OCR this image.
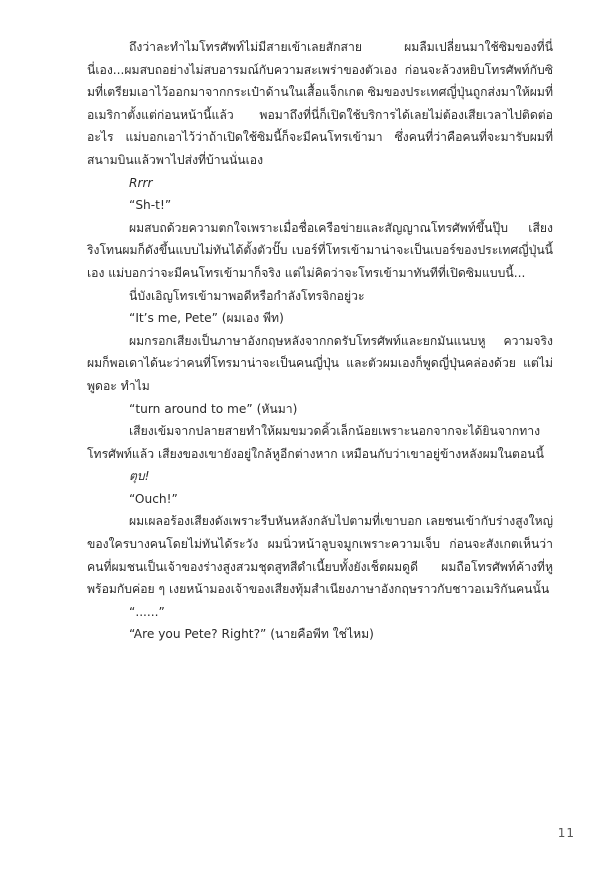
ถึงว่าละทำไมโทรศัพท์ไม่มีสายเข้าเลยสักสาย ผมลืมเปลี่ยนมาใช้ซิมของที่นี่นี่เอง...ผมสบถอย่างไม่สบอารมณ์กับความสะเพร่าของตัวเอง ก่อนจะล้วงหยิบโทรศัพท์กับซิมที่เตรียมเอาไว้ออกมาจากกระเป๋าด้านในเสื้อแจ็กเกต ซิมของประเทศญี่ปุ่นถูกส่งมาให้ผมที่อเมริกาตั้งแต่ก่อนหน้านี้แล้ว พอมาถึงที่นี่ก็เปิดใช้บริการได้เลยไม่ต้องเสียเวลาไปติดต่ออะไร แม่บอกเอาไว้ว่าถ้าเปิดใช้ซิมนี้ก็จะมีคนโทรเข้ามา ซึ่งคนที่ว่าคือคนที่จะมารับผมที่สนามบินแล้วพาไปส่งที่บ้านนั่นเอง

Rrrr

“Sh-t!”

ผมสบถด้วยความตกใจเพราะเมื่อชื่อเครือข่ายและสัญญาณโทรศัพท์ขึ้นปุ๊บ เสียงริงโทนผมก็ดังขึ้นแบบไม่ทันได้ตั้งตัวปั๊บ เบอร์ที่โทรเข้ามาน่าจะเป็นเบอร์ของประเทศญี่ปุ่นนี้เอง แม่บอกว่าจะมีคนโทรเข้ามาก็จริง แต่ไม่คิดว่าจะโทรเข้ามาทันทีที่เปิดซิมแบบนี้...

นี่บังเอิญโทรเข้ามาพอดีหรือกำลังโทรจิกอยู่วะ

“It’s me, Pete” (ผมเอง พีท)

ผมกรอกเสียงเป็นภาษาอังกฤษหลังจากกดรับโทรศัพท์และยกมันแนบหู ความจริงผมก็พอเดาได้นะว่าคนที่โทรมาน่าจะเป็นคนญี่ปุ่น และตัวผมเองก็พูดญี่ปุ่นคล่องด้วย แต่ไม่พูดอะ ทำไม

“turn around to me” (หันมา)

เสียงเข้มจากปลายสายทำให้ผมขมวดคิ้วเล็กน้อยเพราะนอกจากจะได้ยินจากทางโทรศัพท์แล้ว เสียงของเขายังอยู่ใกล้หูอีกต่างหาก เหมือนกับว่าเขาอยู่ข้างหลังผมในตอนนี้

ตุบ!

“Ouch!”

ผมเผลอร้องเสียงดังเพราะรีบหันหลังกลับไปตามที่เขาบอก เลยชนเข้ากับร่างสูงใหญ่ของใครบางคนโดยไม่ทันได้ระวัง ผมนิ่วหน้าลูบจมูกเพราะความเจ็บ ก่อนจะสังเกตเห็นว่าคนที่ผมชนเป็นเจ้าของร่างสูงสวมชุดสูทสีดำเนี้ยบทั้งยังเช็ตผมดูดี ผมถือโทรศัพท์ค้างที่หูพร้อมกับค่อย ๆ เงยหน้ามองเจ้าของเสียงทุ้มสำเนียงภาษาอังกฤษราวกับชาวอเมริกันคนนั้น

“......”

“Are you Pete? Right?” (นายคือพีท ใช่ไหม)

11
